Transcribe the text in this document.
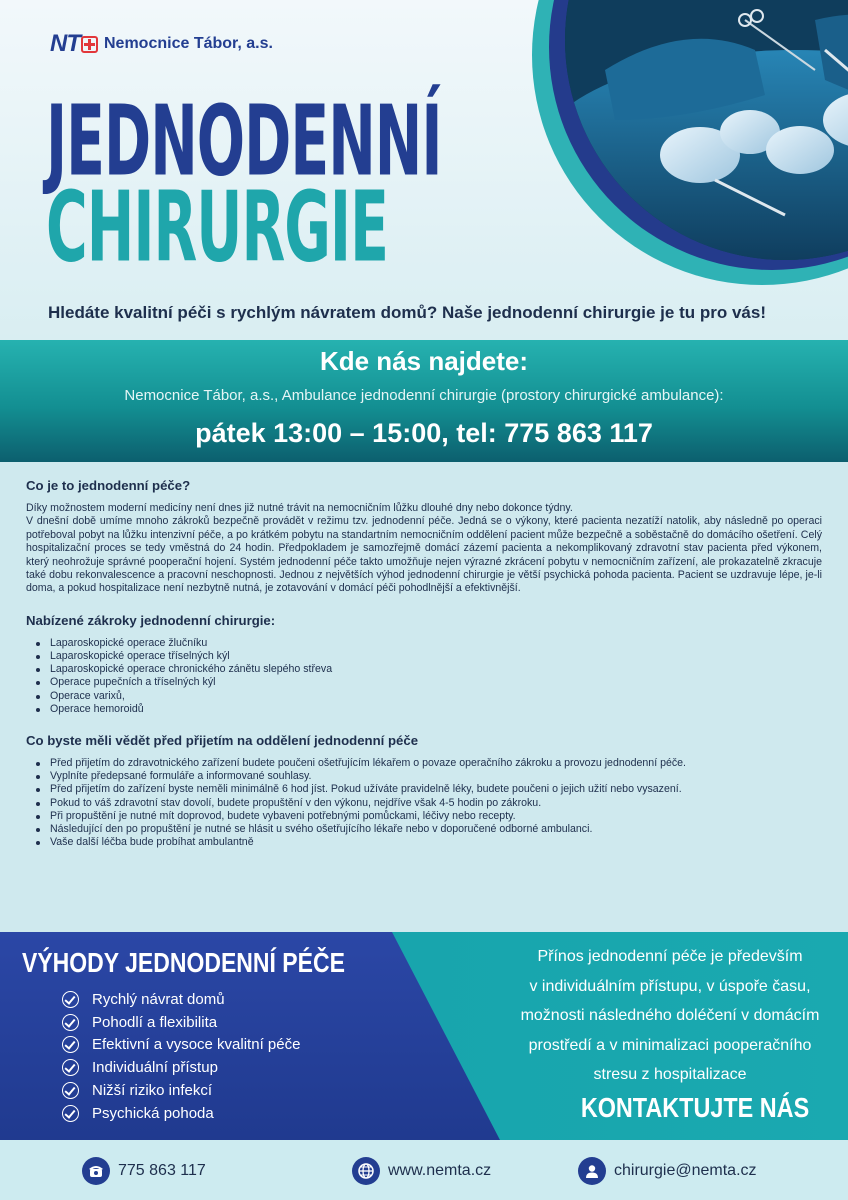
NT Nemocnice Tábor, a.s.
JEDNODENNÍ
CHIRURGIE
Hledáte kvalitní péči s rychlým návratem domů? Naše jednodenní chirurgie je tu pro vás!
Kde nás najdete:
Nemocnice Tábor, a.s., Ambulance jednodenní chirurgie (prostory chirurgické ambulance):
pátek 13:00 – 15:00, tel: 775 863 117
Co je to jednodenní péče?

Díky možnostem moderní medicíny není dnes již nutné trávit na nemocničním lůžku dlouhé dny nebo dokonce týdny.

V dnešní době umíme mnoho zákroků bezpečně provádět v režimu tzv. jednodenní péče. Jedná se o výkony, které pacienta nezatíží natolik, aby následně po operaci potřeboval pobyt na lůžku intenzivní péče, a po krátkém pobytu na standartním nemocničním oddělení pacient může bezpečně a soběstačně do domácího ošetření. Celý hospitalizační proces se tedy vměstná do 24 hodin. Předpokladem je samozřejmě domácí zázemí pacienta a nekomplikovaný zdravotní stav pacienta před výkonem, který neohrožuje správné pooperační hojení. Systém jednodenní péče takto umožňuje nejen výrazné zkrácení pobytu v nemocničním zařízení, ale prokazatelně zkracuje také dobu rekonvalescence a pracovní neschopnosti. Jednou z největších výhod jednodenní chirurgie je větší psychická pohoda pacienta. Pacient se uzdravuje lépe, je-li doma, a pokud hospitalizace není nezbytně nutná, je zotavování v domácí péči pohodlnější a efektivnější.

Nabízené zákroky jednodenní chirurgie:
Laparoskopické operace žlučníku
Laparoskopické operace tříselných kýl
Laparoskopické operace chronického zánětu slepého střeva
Operace pupečních a tříselných kýl
Operace varixů,
Operace hemoroidů
Co byste měli vědět před přijetím na oddělení jednodenní péče
Před přijetím do zdravotnického zařízení budete poučeni ošetřujícím lékařem o povaze operačního zákroku a provozu jednodenní péče.
Vyplníte předepsané formuláře a informované souhlasy.
Před přijetím do zařízení byste neměli minimálně 6 hod jíst. Pokud užíváte pravidelně léky, budete poučeni o jejich užití nebo vysazení.
Pokud to váš zdravotní stav dovolí, budete propuštění v den výkonu, nejdříve však 4-5 hodin po zákroku.
Při propuštění je nutné mít doprovod, budete vybaveni potřebnými pomůckami, léčivy nebo recepty.
Následující den po propuštění je nutné se hlásit u svého ošetřujícího lékaře nebo v doporučené odborné ambulanci.
Vaše další léčba bude probíhat ambulantně
VÝHODY JEDNODENNÍ PÉČE
Rychlý návrat domů
Pohodlí a flexibilita
Efektivní a vysoce kvalitní péče
Individuální přístup
Nižší riziko infekcí
Psychická pohoda
Přínos jednodenní péče je především
v individuálním přístupu, v úspoře času,
možnosti následného doléčení v domácím
prostředí a v minimalizaci pooperačního
stresu z hospitalizace
KONTAKTUJTE NÁS
775 863 117	www.nemta.cz	chirurgie@nemta.cz
